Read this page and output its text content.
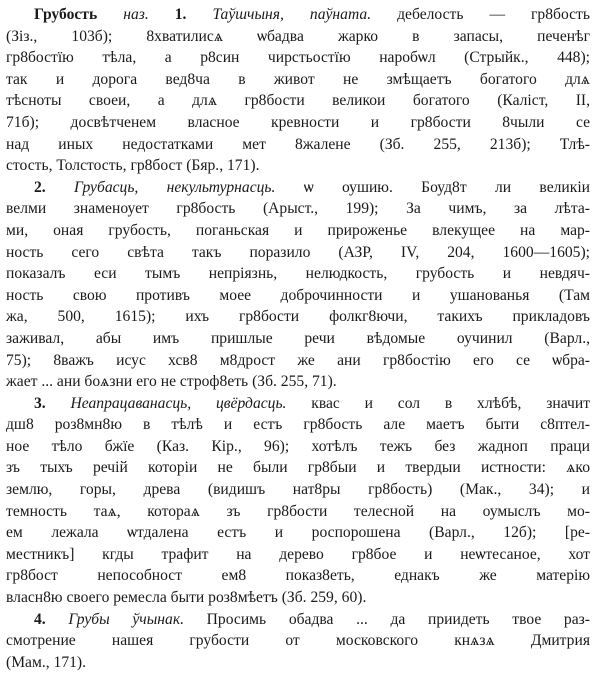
Грубость наз. 1. Таўшчыня, паўната. дебелость — гр8бость
(Зіз., 103б); 8хватилисѧ ѡбадва жарко в запасы, печенѣг
гр8бостїю тѣла, а р8син чирстьостїю наробѡл (Стрыйк., 448);
так и дорога вед8ча в живот не змѣщаетъ богатого длѧ
тѣсноты своеи, а длѧ гр8бости великои богатого (Каліст, II,
71б); досвѣтченем власное кревности и гр8бости 8чыли се
над иных недостатками мет 8жалене (Зб. 255, 213б); Тлѣ-
стость, Толстость, гр8бост (Бяр., 171).
2. Грубасць, некультурнасць. ѡ оушию. Боуд8т ли великіи
велми знаменоует гр8бость (Арыст., 199); За чимъ, за лѣта-
ми, оная грубость, поганьская и прироженье влекущее на мар-
ность сего свѣта такъ поразило (АЗР, IV, 204, 1600—1605);
показалъ еси тымъ непріязнь, нелюдкость, грубость и невдяч-
ность свою противъ моее доброчинности и ушанованья (Там
жа, 500, 1615); ихъ гр8бости фолкг8ючи, такихъ прикладовъ
заживал, абы имъ пришлые речи вѣдомые оучинил (Варл.,
75); 8важъ исус хсв8 м8дрост же ани гр8бостію его се ѡбра-
жает ... ани боѧзни его не строф8еть (Зб. 255, 71).
3. Неапрацаванасць, цвёрдасць. квас и сол в хлѣбѣ, значит
дш8 роз8мн8ю в тѣлѣ и естъ гр8бость але маетъ быти с8птел-
ное тѣло бжїе (Каз. Кір., 96); хотѣлъ тежъ без жадноп праци
зъ тыхъ речій которіи не были гр8быи и твердыи истности: ѧко
землю, горы, древа (видишъ нат8ры гр8бость) (Мак., 34); и
темность таѧ, котораѧ зъ гр8бости телесной на оумыслъ мо-
ем лежала ѡтдалена естъ и роспорошена (Варл., 12б); [ре-
местникъ] кгды трафит на дерево гр8бое и неѡтесаное, хот
гр8бост непособност ем8 показ8еть, еднакъ же матерію
власн8ю своего ремесла быти роз8мѣетъ (Зб. 259, 60).
4. Грубы ўчынак. Просимь обадва ... да приидеть твое раз-
смотрение нашея грубости от московского кнѧзѧ Дмитрия
(Мам., 171).
